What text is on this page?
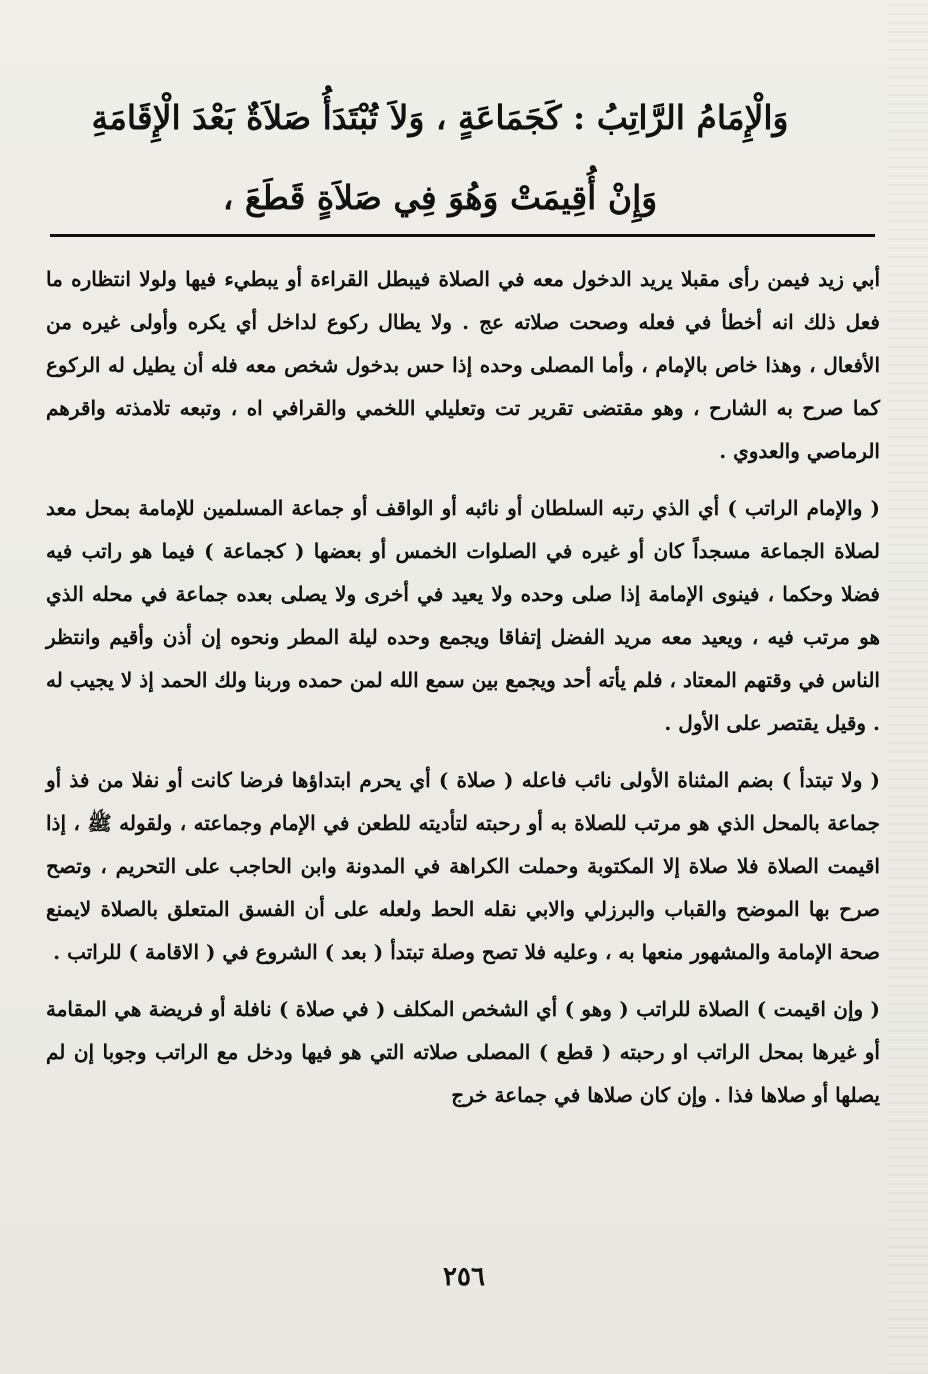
وَالْإِمَامُ الرَّاتِبُ : كَجَمَاعَةٍ ، وَلاَ تُبْتَدَأُ صَلاَةٌ بَعْدَ الْإِقَامَةِ
وَإِنْ أُقِيمَتْ وَهُوَ فِي صَلاَةٍ قَطَعَ ،

أبي زيد فيمن رأى مقبلا يريد الدخول معه في الصلاة فيبطل القراءة أو يبطيء فيها ولولا انتظاره ما فعل ذلك انه أخطأ في فعله وصحت صلاته عج . ولا يطال ركوع لداخل أي يكره وأولى غيره من الأفعال ، وهذا خاص بالإمام ، وأما المصلى وحده إذا حس بدخول شخص معه فله أن يطيل له الركوع كما صرح به الشارح ، وهو مقتضى تقرير تت وتعليلي اللخمي والقرافي اه ، وتبعه تلامذته واقرهم الرماصي والعدوي .

( والإمام الراتب ) أي الذي رتبه السلطان أو نائبه أو الواقف أو جماعة المسلمين للإمامة بمحل معد لصلاة الجماعة مسجداً كان أو غيره في الصلوات الخمس أو بعضها ( كجماعة ) فيما هو راتب فيه فضلا وحكما ، فينوى الإمامة إذا صلى وحده ولا يعيد في أخرى ولا يصلى بعده جماعة في محله الذي هو مرتب فيه ، ويعيد معه مريد الفضل إتفاقا ويجمع وحده ليلة المطر ونحوه إن أذن وأقيم وانتظر الناس في وقتهم المعتاد ، فلم يأته أحد ويجمع بين سمع الله لمن حمده وربنا ولك الحمد إذ لا يجيب له . وقيل يقتصر على الأول .

( ولا تبتدأ ) بضم المثناة الأولى نائب فاعله ( صلاة ) أي يحرم ابتداؤها فرضا كانت أو نفلا من فذ أو جماعة بالمحل الذي هو مرتب للصلاة به أو رحبته لتأديته للطعن في الإمام وجماعته ، ولقوله ﷺ ، إذا اقيمت الصلاة فلا صلاة إلا المكتوبة وحملت الكراهة في المدونة وابن الحاجب على التحريم ، وتصح صرح بها الموضح والقباب والبرزلي والابي نقله الحط ولعله على أن الفسق المتعلق بالصلاة لايمنع صحة الإمامة والمشهور منعها به ، وعليه فلا تصح وصلة تبتدأ ( بعد ) الشروع في ( الاقامة ) للراتب .

( وإن اقيمت ) الصلاة للراتب ( وهو ) أي الشخص المكلف ( في صلاة ) نافلة أو فريضة هي المقامة أو غيرها بمحل الراتب او رحبته ( قطع ) المصلى صلاته التي هو فيها ودخل مع الراتب وجوبا إن لم يصلها أو صلاها فذا . وإن كان صلاها في جماعة خرج

٢٥٦
